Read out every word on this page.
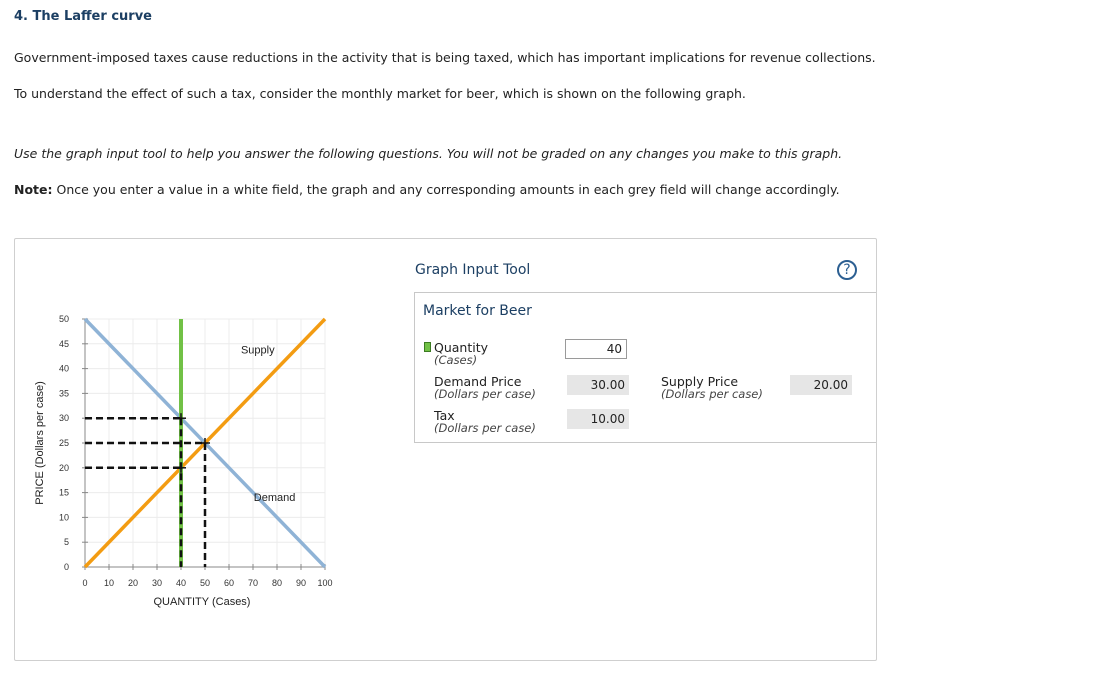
4. The Laffer curve
Government-imposed taxes cause reductions in the activity that is being taxed, which has important implications for revenue collections.
To understand the effect of such a tax, consider the monthly market for beer, which is shown on the following graph.
Use the graph input tool to help you answer the following questions. You will not be graded on any changes you make to this graph.
Note: Once you enter a value in a white field, the graph and any corresponding amounts in each grey field will change accordingly.
0
5
10
15
20
25
30
35
40
45
50
0 10 20 30 40 50 60 70 80 90 100
QUANTITY (Cases)
PRICE (Dollars per case)
Supply
Demand
Graph Input Tool	?
Market for Beer
Quantity
(Cases)
40
Demand Price
(Dollars per case)
30.00	Supply Price
(Dollars per case)
20.00
Tax
(Dollars per case)
10.00
